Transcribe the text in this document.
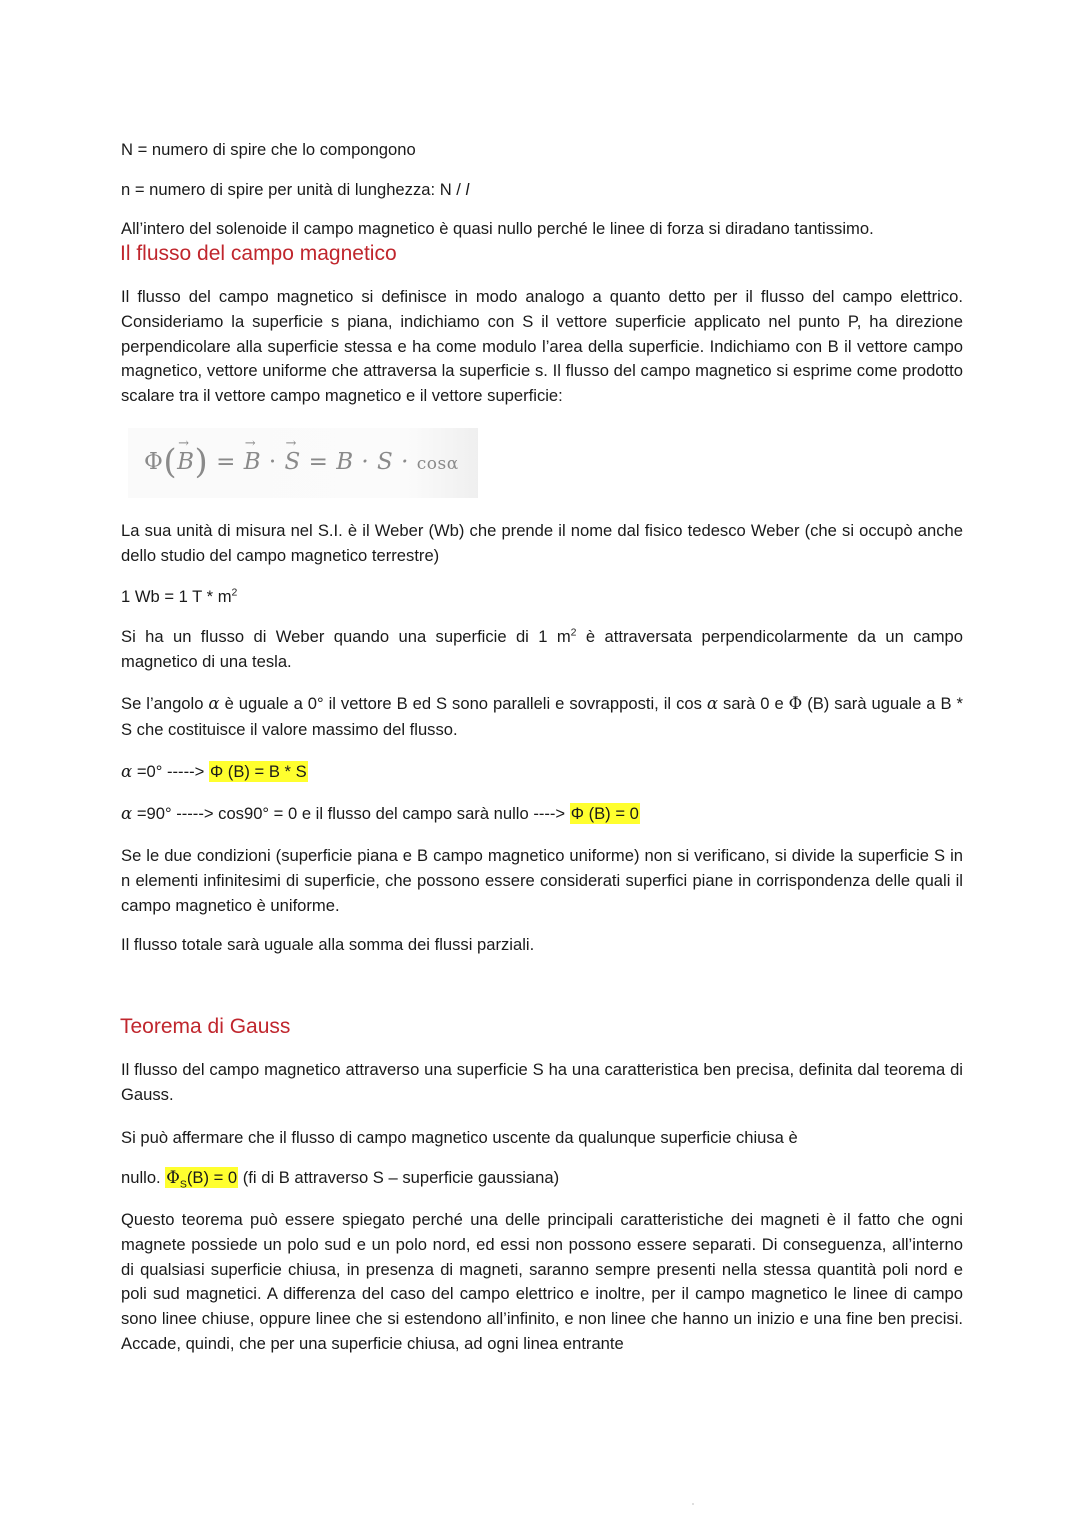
N = numero di spire che lo compongono
n = numero di spire per unità di lunghezza: N / l
All’intero del solenoide il campo magnetico è quasi nullo perché le linee di forza si diradano tantissimo.
Il flusso del campo magnetico
Il flusso del campo magnetico si definisce in modo analogo a quanto detto per il flusso del campo elettrico. Consideriamo la superficie s piana, indichiamo con S il vettore superficie applicato nel punto P, ha direzione perpendicolare alla superficie stessa e ha come modulo l’area della superficie. Indichiamo con B il vettore campo magnetico, vettore uniforme che attraversa la superficie s. Il flusso del campo magnetico si esprime come prodotto scalare tra il vettore campo magnetico e il vettore superficie:
Φ(→ B) = → B · → S = B · S · cosα
La sua unità di misura nel S.I. è il Weber (Wb) che prende il nome dal fisico tedesco Weber (che si occupò anche dello studio del campo magnetico terrestre)
1 Wb = 1 T * $m^2$
Si ha un flusso di Weber quando una superficie di 1 $m^2$ è attraversata perpendicolarmente da un campo magnetico di una tesla.
Se l’angolo α è uguale a 0° il vettore B ed S sono paralleli e sovrapposti, il cos α sarà 0 e Φ (B) sarà uguale a B * S che costituisce il valore massimo del flusso.
α =0° -----> Φ (B) = B * S
α =90° -----> cos90° = 0 e il flusso del campo sarà nullo ----> Φ (B) = 0
Se le due condizioni (superficie piana e B campo magnetico uniforme) non si verificano, si divide la superficie S in n elementi infinitesimi di superficie, che possono essere considerati superfici piane in corrispondenza delle quali il campo magnetico è uniforme.
Il flusso totale sarà uguale alla somma dei flussi parziali.
Teorema di Gauss
Il flusso del campo magnetico attraverso una superficie S ha una caratteristica ben precisa, definita dal teorema di Gauss.
Si può affermare che il flusso di campo magnetico uscente da qualunque superficie chiusa è
nullo. $\Phi_S(B) = 0$ (fi di B attraverso S – superficie gaussiana)
Questo teorema può essere spiegato perché una delle principali caratteristiche dei magneti è il fatto che ogni magnete possiede un polo sud e un polo nord, ed essi non possono essere separati. Di conseguenza, all’interno di qualsiasi superficie chiusa, in presenza di magneti, saranno sempre presenti nella stessa quantità poli nord e poli sud magnetici. A differenza del caso del campo elettrico e inoltre, per il campo magnetico le linee di campo sono linee chiuse, oppure linee che si estendono all’infinito, e non linee che hanno un inizio e una fine ben precisi. Accade, quindi, che per una superficie chiusa, ad ogni linea entrante
